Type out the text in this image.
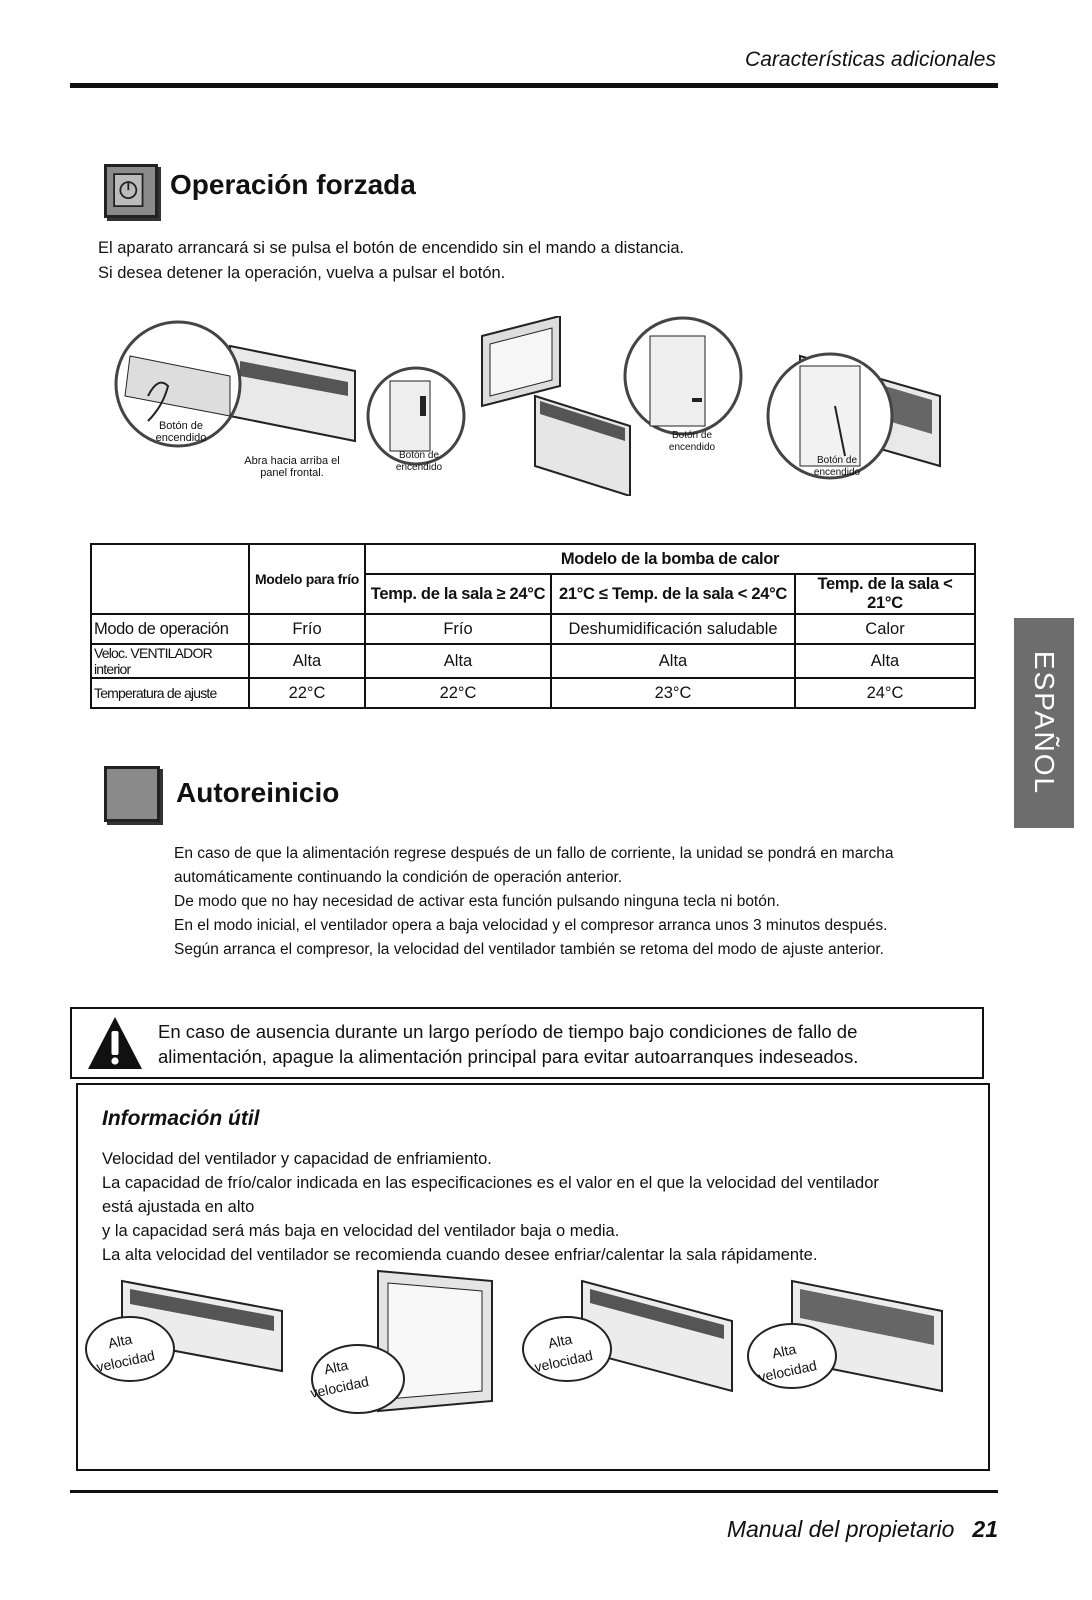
Características adicionales
Operación forzada
El aparato arrancará si se pulsa el botón de encendido sin el mando a distancia.
Si desea detener la operación, vuelva a pulsar el botón.
Botón de encendido
Abra hacia arriba el panel frontal.
Botón de encendido
Botón de encendido
Botón de encendido
	Modelo para frío	Modelo de la bomba de calor		
		Temp. de la sala ≥ 24°C	21°C ≤ Temp. de la sala < 24°C	Temp. de la sala < 21°C
Modo de operación	Frío	Frío	Deshumidificación saludable	Calor
Veloc. VENTILADOR interior	Alta	Alta	Alta	Alta
Temperatura de ajuste	22°C	22°C	23°C	24°C	ESPAÑOL
Autoreinicio
En caso de que la alimentación regrese después de un fallo de corriente, la unidad se pondrá en marcha
automáticamente continuando la condición de operación anterior.
De modo que no hay necesidad de activar esta función pulsando ninguna tecla ni botón.
En el modo inicial, el ventilador opera a baja velocidad y el compresor arranca unos 3 minutos después.
Según arranca el compresor, la velocidad del ventilador también se retoma del modo de ajuste anterior.
En caso de ausencia durante un largo período de tiempo bajo condiciones de fallo de
alimentación, apague la alimentación principal para evitar autoarranques indeseados.
Información útil
Velocidad del ventilador y capacidad de enfriamiento.
La capacidad de frío/calor indicada en las especificaciones es el valor en el que la velocidad del ventilador
está ajustada en alto
y la capacidad será más baja en velocidad del ventilador baja o media.
La alta velocidad del ventilador se recomienda cuando desee enfriar/calentar la sala rápidamente.
Alta
velocidad	Alta
velocidad
Alta
velocidad	Alta
velocidad
Manual del propietario 21
